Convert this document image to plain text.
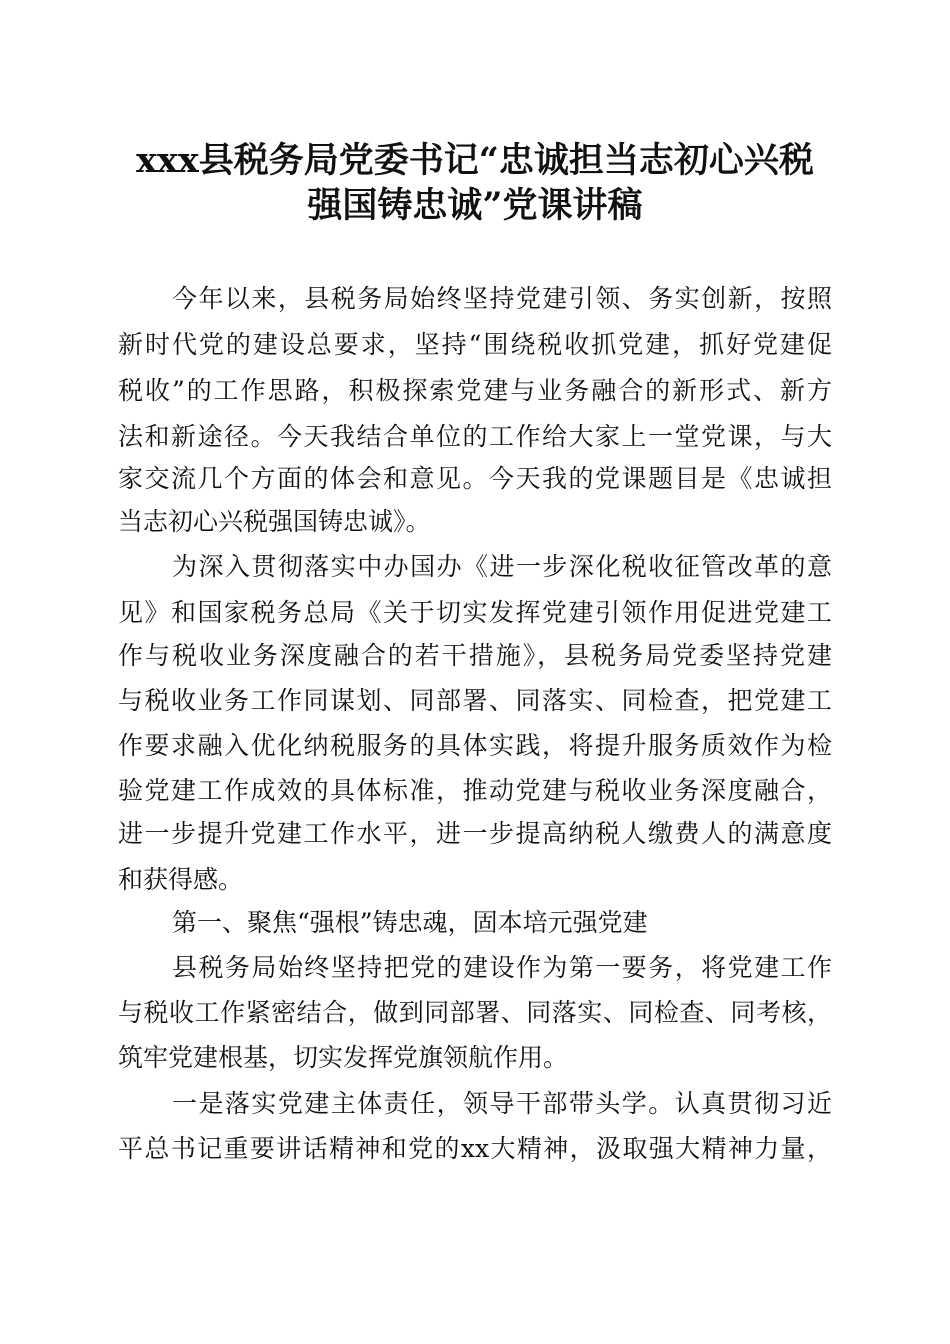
xxx县税务局党委书记“忠诚担当志初心兴税
强国铸忠诚”党课讲稿
今年以来，县税务局始终坚持党建引领、务实创新，按照
新时代党的建设总要求，坚持“围绕税收抓党建，抓好党建促
税收”的工作思路，积极探索党建与业务融合的新形式、新方
法和新途径。今天我结合单位的工作给大家上一堂党课，与大
家交流几个方面的体会和意见。今天我的党课题目是《忠诚担
当志初心兴税强国铸忠诚》。
为深入贯彻落实中办国办《进一步深化税收征管改革的意
见》和国家税务总局《关于切实发挥党建引领作用促进党建工
作与税收业务深度融合的若干措施》，县税务局党委坚持党建
与税收业务工作同谋划、同部署、同落实、同检查，把党建工
作要求融入优化纳税服务的具体实践，将提升服务质效作为检
验党建工作成效的具体标准，推动党建与税收业务深度融合，
进一步提升党建工作水平，进一步提高纳税人缴费人的满意度
和获得感。
第一、聚焦“强根”铸忠魂，固本培元强党建
县税务局始终坚持把党的建设作为第一要务，将党建工作
与税收工作紧密结合，做到同部署、同落实、同检查、同考核，
筑牢党建根基，切实发挥党旗领航作用。
一是落实党建主体责任，领导干部带头学。认真贯彻习近
平总书记重要讲话精神和党的xx大精神，汲取强大精神力量，
